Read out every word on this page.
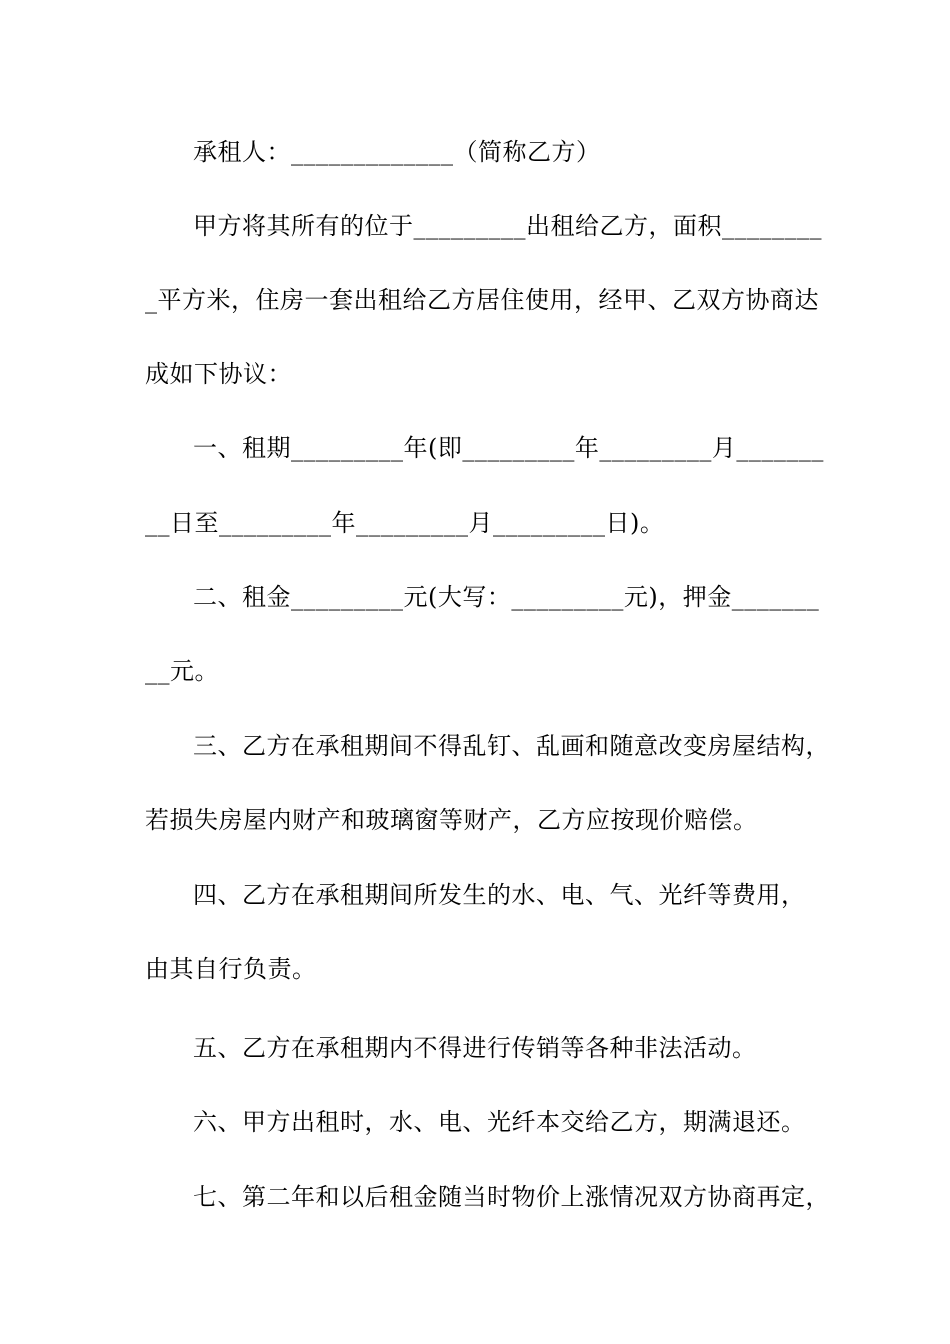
承租人：_____________（简称乙方）
甲方将其所有的位于_________出租给乙方，面积________
_平方米，住房一套出租给乙方居住使用，经甲、乙双方协商达
成如下协议：
一、租期_________年(即_________年_________月_______
__日至_________年_________月_________日)。
二、租金_________元(大写：_________元)，押金_______
__元。
三、乙方在承租期间不得乱钉、乱画和随意改变房屋结构，
若损失房屋内财产和玻璃窗等财产，乙方应按现价赔偿。
四、乙方在承租期间所发生的水、电、气、光纤等费用，
由其自行负责。
五、乙方在承租期内不得进行传销等各种非法活动。
六、甲方出租时，水、电、光纤本交给乙方，期满退还。
七、第二年和以后租金随当时物价上涨情况双方协商再定，
